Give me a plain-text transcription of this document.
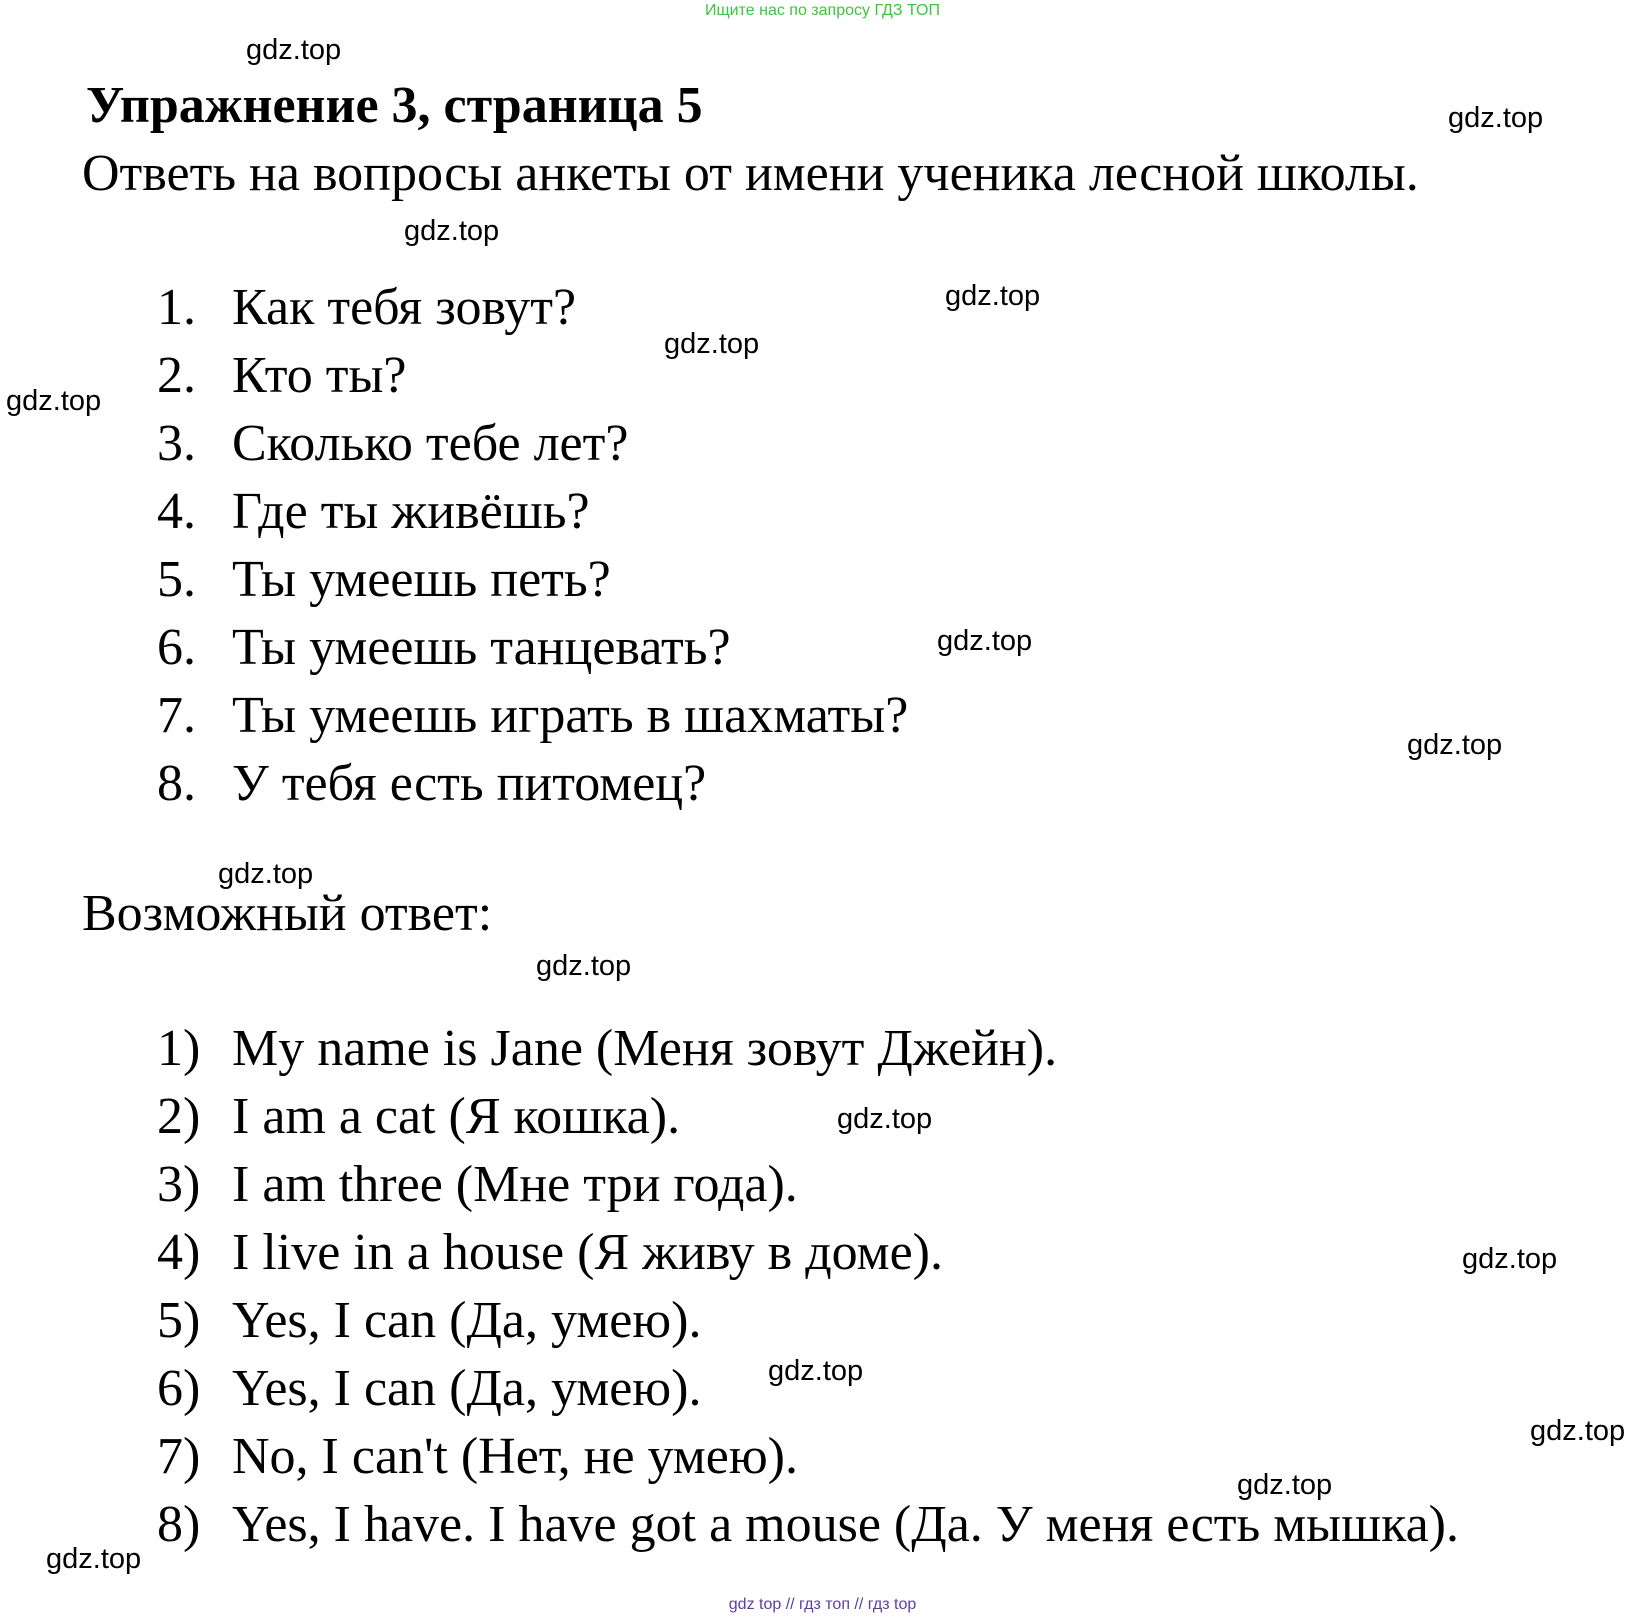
Ищите нас по запросу ГДЗ ТОП
Упражнение 3, страница 5

Ответь на вопросы анкеты от имени ученика лесной школы.

1. Как тебя зовут?
2. Кто ты?
3. Сколько тебе лет?
4. Где ты живёшь?
5. Ты умеешь петь?
6. Ты умеешь танцевать?
7. Ты умеешь играть в шахматы?
8. У тебя есть питомец?

Возможный ответ:

1) My name is Jane (Меня зовут Джейн).
2) I am a cat (Я кошка).
3) I am three (Мне три года).
4) I live in a house (Я живу в доме).
5) Yes, I can (Да, умею).
6) Yes, I can (Да, умею).
7) No, I can't (Нет, не умею).
8) Yes, I have. I have got a mouse (Да. У меня есть мышка).
gdz.top
gdz.top
gdz.top
gdz.top
gdz.top
gdz.top
gdz.top
gdz.top
gdz.top
gdz.top
gdz.top
gdz.top
gdz.top
gdz.top
gdz.top
gdz.top
gdz top // гдз топ // гдз top
